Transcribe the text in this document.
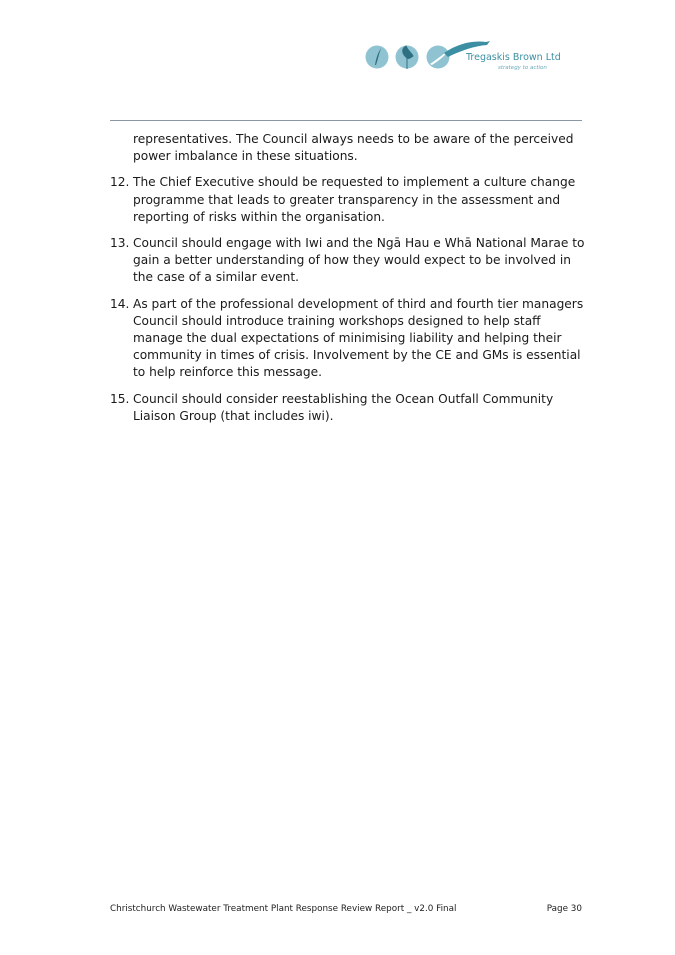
Tregaskis Brown Ltd
strategy to action
representatives. The Council always needs to be aware of the perceived power imbalance in these situations.
12. The Chief Executive should be requested to implement a culture change programme that leads to greater transparency in the assessment and reporting of risks within the organisation.
13. Council should engage with Iwi and the Ngā Hau e Whā National Marae to gain a better understanding of how they would expect to be involved in the case of a similar event.
14. As part of the professional development of third and fourth tier managers Council should introduce training workshops designed to help staff manage the dual expectations of minimising liability and helping their community in times of crisis. Involvement by the CE and GMs is essential to help reinforce this message.
15. Council should consider reestablishing the Ocean Outfall Community Liaison Group (that includes iwi).
Christchurch Wastewater Treatment Plant Response Review Report _ v2.0 Final	Page 30
